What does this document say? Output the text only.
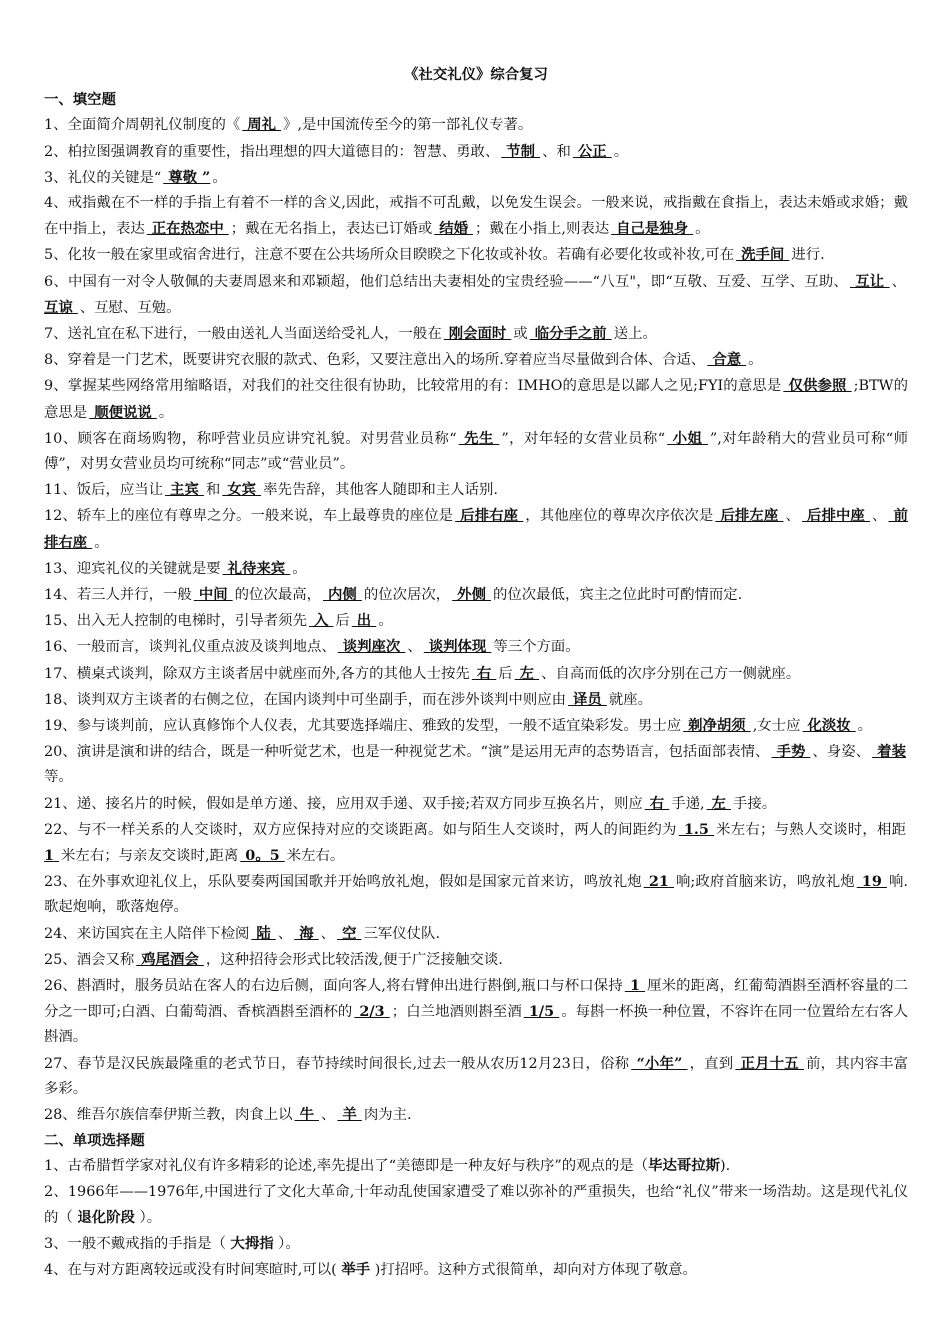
《社交礼仪》综合复习
一、填空题

1、全面简介周朝礼仪制度的《 周礼 》,是中国流传至今的第一部礼仪专著。

2、柏拉图强调教育的重要性，指出理想的四大道德目的：智慧、勇敢、 节制 、和 公正 。

3、礼仪的关键是“ 尊敬 ” 。

4、戒指戴在不一样的手指上有着不一样的含义,因此，戒指不可乱戴，以免发生误会。一般来说，戒指戴在食指上，表达未婚或求婚；戴在中指上，表达 正在热恋中 ；戴在无名指上，表达已订婚或 结婚 ；戴在小指上,则表达 自己是独身 。

5、化妆一般在家里或宿舍进行，注意不要在公共场所众目睽睽之下化妆或补妆。若确有必要化妆或补妆,可在 洗手间 进行.

6、中国有一对令人敬佩的夫妻周恩来和邓颖超，他们总结出夫妻相处的宝贵经验——“八互"，即“互敬、互爱、互学、互助、 互让 、 互谅 、互慰、互勉。

7、送礼宜在私下进行，一般由送礼人当面送给受礼人，一般在 刚会面时 或 临分手之前 送上。

8、穿着是一门艺术，既要讲究衣服的款式、色彩，又要注意出入的场所.穿着应当尽量做到合体、合适、 合意 。

9、掌握某些网络常用缩略语，对我们的社交往很有协助，比较常用的有：IMHO的意思是以鄙人之见;FYI的意思是 仅供参照 ;BTW的意思是 顺便说说 。

10、顾客在商场购物，称呼营业员应讲究礼貌。对男营业员称“ 先生 ”，对年轻的女营业员称“ 小姐 ”,对年龄稍大的营业员可称“师傅”，对男女营业员均可统称“同志”或“营业员”。

11、饭后，应当让 主宾 和 女宾 率先告辞，其他客人随即和主人话别.

12、轿车上的座位有尊卑之分。一般来说，车上最尊贵的座位是 后排右座 ，其他座位的尊卑次序依次是 后排左座 、 后排中座 、 前排右座 。

13、迎宾礼仪的关键就是要 礼待来宾 。

14、若三人并行，一般 中间 的位次最高， 内侧 的位次居次， 外侧 的位次最低，宾主之位此时可酌情而定.

15、出入无人控制的电梯时，引导者须先 入 后 出 。

16、一般而言，谈判礼仪重点波及谈判地点、 谈判座次 、 谈判体现 等三个方面。

17、横桌式谈判，除双方主谈者居中就座而外,各方的其他人士按先 右 后 左 、自高而低的次序分别在己方一侧就座。

18、谈判双方主谈者的右侧之位，在国内谈判中可坐副手，而在涉外谈判中则应由 译员 就座。

19、参与谈判前，应认真修饰个人仪表，尤其要选择端庄、雅致的发型，一般不适宜染彩发。男士应 剃净胡须 ,女士应 化淡妆 。

20、演讲是演和讲的结合，既是一种听觉艺术，也是一种视觉艺术。“演”是运用无声的态势语言，包括面部表情、 手势 、身姿、 着装 等。

21、递、接名片的时候，假如是单方递、接，应用双手递、双手接;若双方同步互换名片，则应 右 手递, 左 手接。

22、与不一样关系的人交谈时，双方应保持对应的交谈距离。如与陌生人交谈时，两人的间距约为 1.5 米左右；与熟人交谈时，相距 1 米左右；与亲友交谈时,距离 0。5 米左右。

23、在外事欢迎礼仪上，乐队要奏两国国歌并开始鸣放礼炮，假如是国家元首来访，鸣放礼炮 21 响;政府首脑来访，鸣放礼炮 19 响.歌起炮响，歌落炮停。

24、来访国宾在主人陪伴下检阅 陆 、 海 、 空 三军仪仗队.

25、酒会又称 鸡尾酒会 ，这种招待会形式比较活泼,便于广泛接触交谈.

26、斟酒时，服务员站在客人的右边后侧，面向客人,将右臂伸出进行斟倒,瓶口与杯口保持 1 厘米的距离，红葡萄酒斟至酒杯容量的二分之一即可;白酒、白葡萄酒、香槟酒斟至酒杯的 2/3 ；白兰地酒则斟至酒 1/5 。每斟一杯换一种位置，不容许在同一位置给左右客人斟酒。

27、春节是汉民族最隆重的老式节日，春节持续时间很长,过去一般从农历12月23日，俗称 “小年” ，直到 正月十五 前，其内容丰富多彩。

28、维吾尔族信奉伊斯兰教，肉食上以 牛 、 羊 肉为主.

二、单项选择题

1、古希腊哲学家对礼仪有许多精彩的论述,率先提出了“美德即是一种友好与秩序”的观点的是（毕达哥拉斯).

2、1966年——1976年,中国进行了文化大革命,十年动乱使国家遭受了难以弥补的严重损失，也给“礼仪”带来一场浩劫。这是现代礼仪的（ 退化阶段 ）。

3、一般不戴戒指的手指是（ 大拇指 ）。

4、在与对方距离较远或没有时间寒暄时,可以( 举手 )打招呼。这种方式很简单，却向对方体现了敬意。
